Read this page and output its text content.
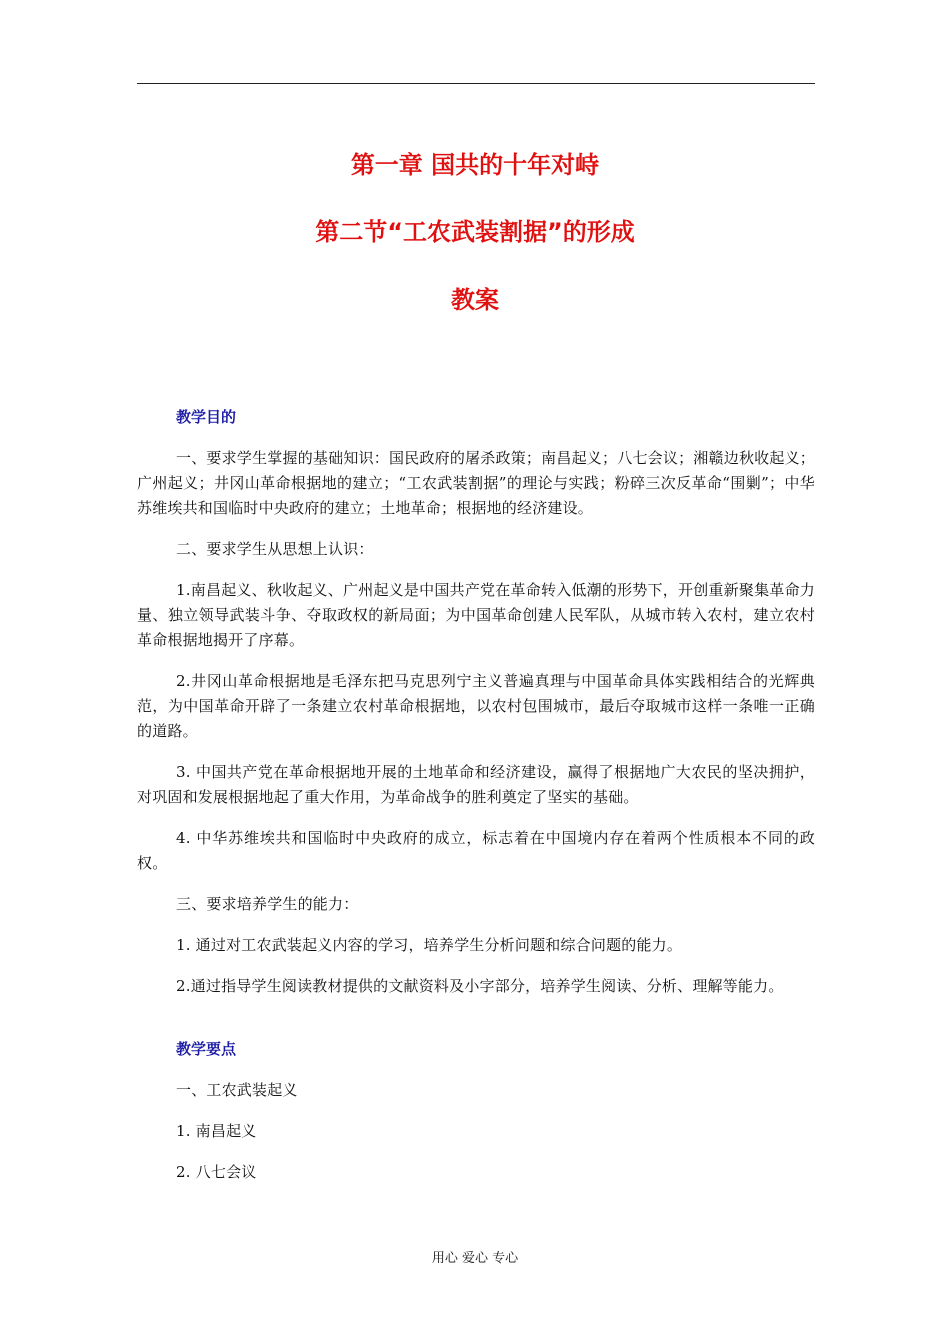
第一章 国共的十年对峙
第二节“工农武装割据”的形成
教案
教学目的

一、要求学生掌握的基础知识：国民政府的屠杀政策；南昌起义；八七会议；湘赣边秋收起义；广州起义；井冈山革命根据地的建立；“工农武装割据”的理论与实践；粉碎三次反革命“围剿”；中华苏维埃共和国临时中央政府的建立；土地革命；根据地的经济建设。

二、要求学生从思想上认识：

1.南昌起义、秋收起义、广州起义是中国共产党在革命转入低潮的形势下，开创重新聚集革命力量、独立领导武装斗争、夺取政权的新局面；为中国革命创建人民军队，从城市转入农村，建立农村革命根据地揭开了序幕。

2.井冈山革命根据地是毛泽东把马克思列宁主义普遍真理与中国革命具体实践相结合的光辉典范，为中国革命开辟了一条建立农村革命根据地，以农村包围城市，最后夺取城市这样一条唯一正确的道路。

3. 中国共产党在革命根据地开展的土地革命和经济建设，赢得了根据地广大农民的坚决拥护，对巩固和发展根据地起了重大作用，为革命战争的胜利奠定了坚实的基础。

4. 中华苏维埃共和国临时中央政府的成立，标志着在中国境内存在着两个性质根本不同的政权。

三、要求培养学生的能力：

1. 通过对工农武装起义内容的学习，培养学生分析问题和综合问题的能力。

2.通过指导学生阅读教材提供的文献资料及小字部分，培养学生阅读、分析、理解等能力。

教学要点

一、工农武装起义

1. 南昌起义

2. 八七会议

用心 爱心 专心
